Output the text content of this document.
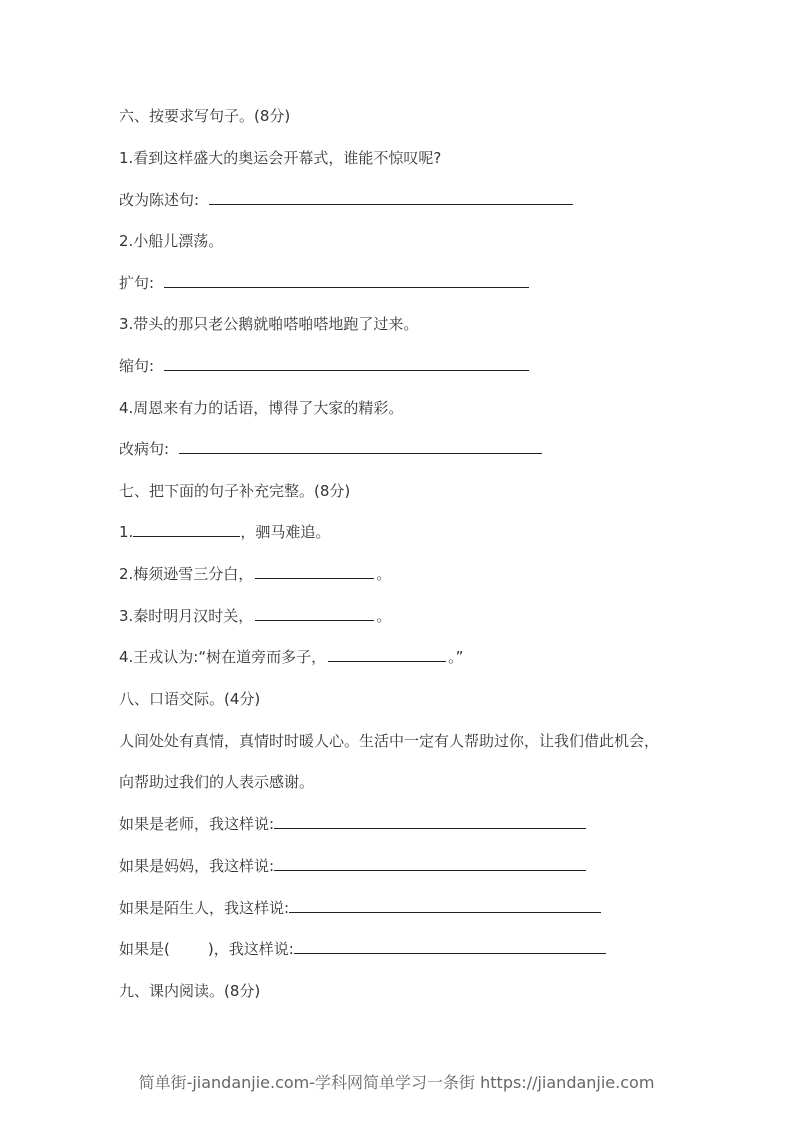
六、按要求写句子。(8分)
1.看到这样盛大的奥运会开幕式，谁能不惊叹呢?
改为陈述句:
2.小船儿漂荡。
扩句:
3.带头的那只老公鹅就啪嗒啪嗒地跑了过来。
缩句:
4.周恩来有力的话语，博得了大家的精彩。
改病句:
七、把下面的句子补充完整。(8分)
1.	，驷马难追。
2.梅须逊雪三分白，	。
3.秦时明月汉时关，	。
4.王戎认为:“树在道旁而多子，	。”
八、口语交际。(4分)
人间处处有真情，真情时时暖人心。生活中一定有人帮助过你，让我们借此机会，
向帮助过我们的人表示感谢。
如果是老师，我这样说:
如果是妈妈，我这样说:
如果是陌生人，我这样说:
如果是(	)，我这样说:
九、课内阅读。(8分)
简单街-jiandanjie.com-学科网简单学习一条街 https://jiandanjie.com
